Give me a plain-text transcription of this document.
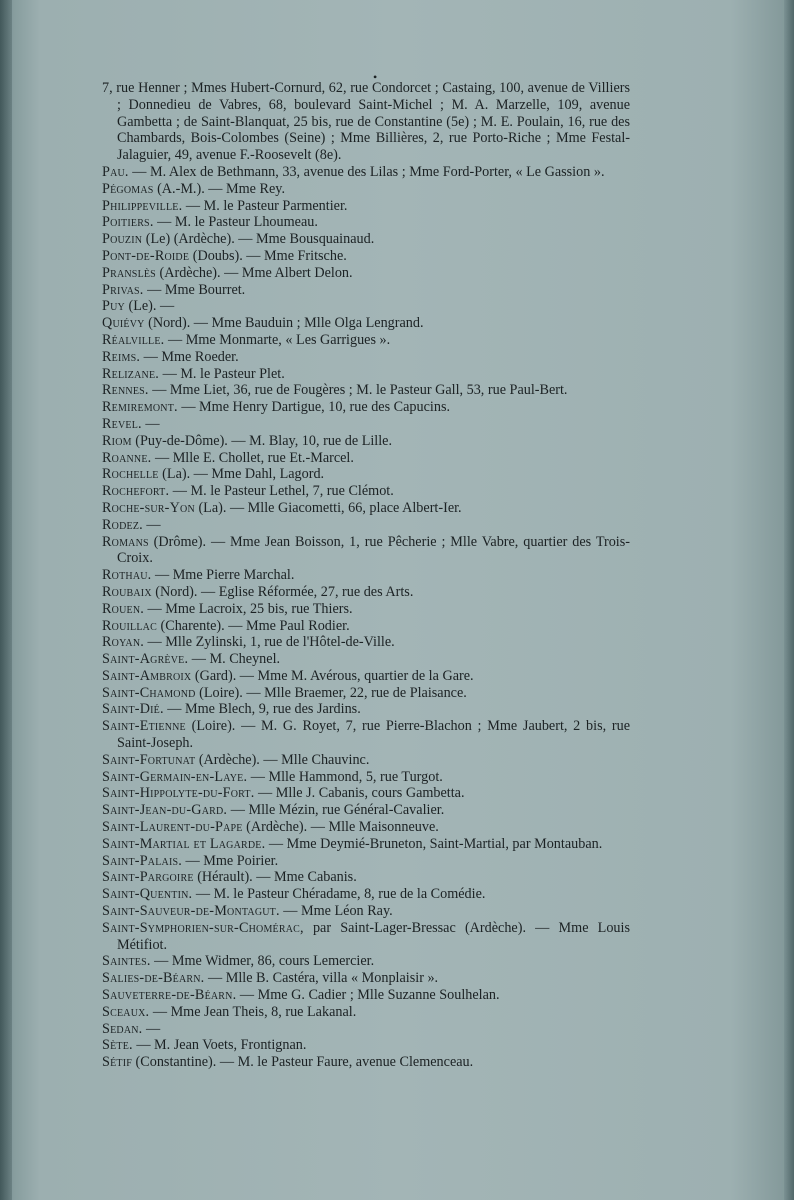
•
7, rue Henner ; Mmes Hubert-Cornurd, 62, rue Condorcet ; Castaing, 100, avenue de Villiers ; Donnedieu de Vabres, 68, boulevard Saint-Michel ; M. A. Marzelle, 109, avenue Gambetta ; de Saint-Blanquat, 25 bis, rue de Constantine (5e) ; M. E. Poulain, 16, rue des Chambards, Bois-Colombes (Seine) ; Mme Billières, 2, rue Porto-Riche ; Mme Festal-Jalaguier, 49, avenue F.-Roosevelt (8e).
Pau. — M. Alex de Bethmann, 33, avenue des Lilas ; Mme Ford-Porter, « Le Gassion ».
Pégomas (A.-M.). — Mme Rey.
Philippeville. — M. le Pasteur Parmentier.
Poitiers. — M. le Pasteur Lhoumeau.
Pouzin (Le) (Ardèche). — Mme Bousquainaud.
Pont-de-Roide (Doubs). — Mme Fritsche.
Pranslès (Ardèche). — Mme Albert Delon.
Privas. — Mme Bourret.
Puy (Le). —
Quiévy (Nord). — Mme Bauduin ; Mlle Olga Lengrand.
Réalville. — Mme Monmarte, « Les Garrigues ».
Reims. — Mme Roeder.
Relizane. — M. le Pasteur Plet.
Rennes. — Mme Liet, 36, rue de Fougères ; M. le Pasteur Gall, 53, rue Paul-Bert.
Remiremont. — Mme Henry Dartigue, 10, rue des Capucins.
Revel. —
Riom (Puy-de-Dôme). — M. Blay, 10, rue de Lille.
Roanne. — Mlle E. Chollet, rue Et.-Marcel.
Rochelle (La). — Mme Dahl, Lagord.
Rochefort. — M. le Pasteur Lethel, 7, rue Clémot.
Roche-sur-Yon (La). — Mlle Giacometti, 66, place Albert-Ier.
Rodez. —
Romans (Drôme). — Mme Jean Boisson, 1, rue Pêcherie ; Mlle Vabre, quartier des Trois-Croix.
Rothau. — Mme Pierre Marchal.
Roubaix (Nord). — Eglise Réformée, 27, rue des Arts.
Rouen. — Mme Lacroix, 25 bis, rue Thiers.
Rouillac (Charente). — Mme Paul Rodier.
Royan. — Mlle Zylinski, 1, rue de l'Hôtel-de-Ville.
Saint-Agrève. — M. Cheynel.
Saint-Ambroix (Gard). — Mme M. Avérous, quartier de la Gare.
Saint-Chamond (Loire). — Mlle Braemer, 22, rue de Plaisance.
Saint-Dié. — Mme Blech, 9, rue des Jardins.
Saint-Etienne (Loire). — M. G. Royet, 7, rue Pierre-Blachon ; Mme Jaubert, 2 bis, rue Saint-Joseph.
Saint-Fortunat (Ardèche). — Mlle Chauvinc.
Saint-Germain-en-Laye. — Mlle Hammond, 5, rue Turgot.
Saint-Hippolyte-du-Fort. — Mlle J. Cabanis, cours Gambetta.
Saint-Jean-du-Gard. — Mlle Mézin, rue Général-Cavalier.
Saint-Laurent-du-Pape (Ardèche). — Mlle Maisonneuve.
Saint-Martial et Lagarde. — Mme Deymié-Bruneton, Saint-Martial, par Montauban.
Saint-Palais. — Mme Poirier.
Saint-Pargoire (Hérault). — Mme Cabanis.
Saint-Quentin. — M. le Pasteur Chéradame, 8, rue de la Comédie.
Saint-Sauveur-de-Montagut. — Mme Léon Ray.
Saint-Symphorien-sur-Chomérac, par Saint-Lager-Bressac (Ardèche). — Mme Louis Métifiot.
Saintes. — Mme Widmer, 86, cours Lemercier.
Salies-de-Béarn. — Mlle B. Castéra, villa « Monplaisir ».
Sauveterre-de-Béarn. — Mme G. Cadier ; Mlle Suzanne Soulhelan.
Sceaux. — Mme Jean Theis, 8, rue Lakanal.
Sedan. —
Sète. — M. Jean Voets, Frontignan.
Sétif (Constantine). — M. le Pasteur Faure, avenue Clemenceau.
